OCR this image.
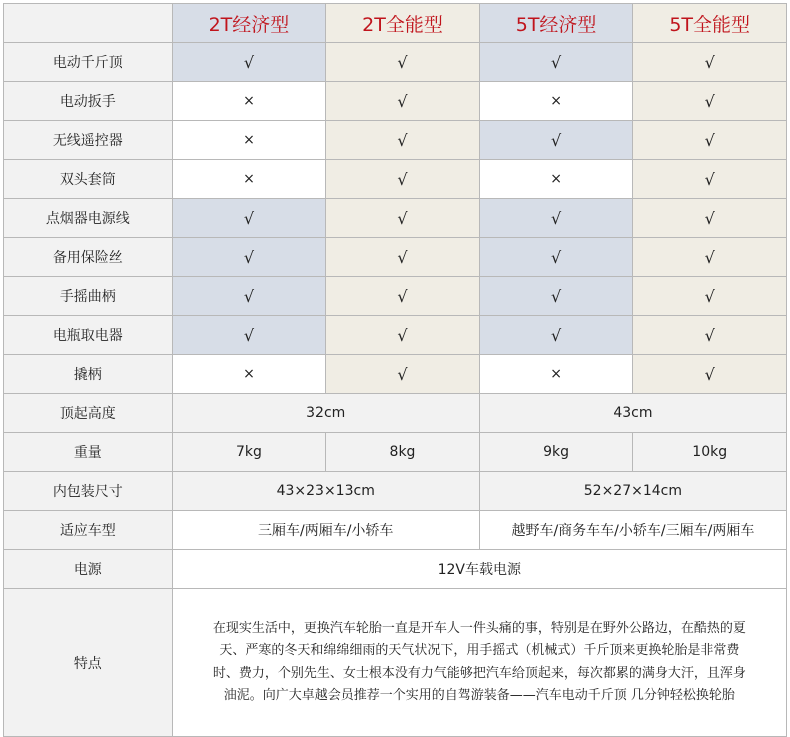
	2T经济型	2T全能型	5T经济型	5T全能型
电动千斤顶	√	√	√	√
电动扳手	×	√	×	√
无线遥控器	×	√	√	√
双头套筒	×	√	×	√
点烟器电源线	√	√	√	√
备用保险丝	√	√	√	√
手摇曲柄	√	√	√	√
电瓶取电器	√	√	√	√
撬柄	×	√	×	√
顶起高度	32cm		43cm	
重量	7kg	8kg	9kg	10kg
内包装尺寸	43×23×13cm		52×27×14cm	
适应车型	三厢车/两厢车/小轿车		越野车/商务车车/小轿车/三厢车/两厢车	
电源	12V车载电源			
特点	在现实生活中，更换汽车轮胎一直是开车人一件头痛的事，特别是在野外公路边，在酷热的夏
天、严寒的冬天和绵绵细雨的天气状况下，用手摇式（机械式）千斤顶来更换轮胎是非常费
时、费力，个别先生、女士根本没有力气能够把汽车给顶起来，每次都累的满身大汗，且浑身
油泥。向广大卓越会员推荐一个实用的自驾游装备——汽车电动千斤顶 几分钟轻松换轮胎			
